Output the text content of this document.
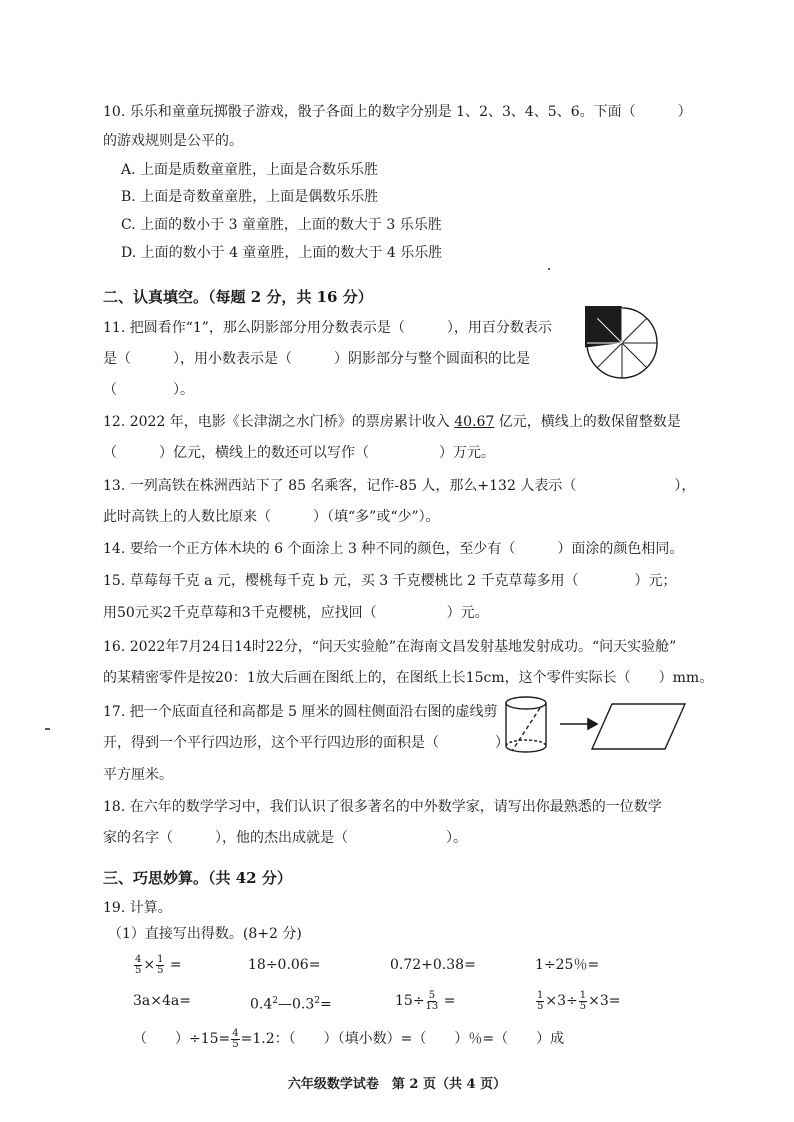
10. 乐乐和童童玩掷骰子游戏，骰子各面上的数字分别是 1、2、3、4、5、6。下面（　　　）
的游戏规则是公平的。
A. 上面是质数童童胜，上面是合数乐乐胜
B. 上面是奇数童童胜，上面是偶数乐乐胜
C. 上面的数小于 3 童童胜，上面的数大于 3 乐乐胜
D. 上面的数小于 4 童童胜，上面的数大于 4 乐乐胜
二、认真填空。（每题 2 分，共 16 分）
11. 把圆看作“1”，那么阴影部分用分数表示是（　　　），用百分数表示
是（　　　），用小数表示是（　　　）阴影部分与整个圆面积的比是
（　　　　）。
12. 2022 年，电影《长津湖之水门桥》的票房累计收入 40.67 亿元，横线上的数保留整数是
（　　　）亿元，横线上的数还可以写作（　　　　　）万元。
13. 一列高铁在株洲西站下了 85 名乘客，记作-85 人，那么+132 人表示（　　　　　　　），
此时高铁上的人数比原来（　　　）（填“多”或“少”）。
14. 要给一个正方体木块的 6 个面涂上 3 种不同的颜色，至少有（　　　）面涂的颜色相同。
15. 草莓每千克 a 元，樱桃每千克 b 元，买 3 千克樱桃比 2 千克草莓多用（　　　　）元；
用50元买2千克草莓和3千克樱桃，应找回（　　　　　）元。
16. 2022年7月24日14时22分，“问天实验舱”在海南文昌发射基地发射成功。“问天实验舱”
的某精密零件是按20：1放大后画在图纸上的，在图纸上长15cm，这个零件实际长（　　）mm。
17. 把一个底面直径和高都是 5 厘米的圆柱侧面沿右图的虚线剪
开，得到一个平行四边形，这个平行四边形的面积是（　　　　）
平方厘米。
18. 在六年的数学学习中，我们认识了很多著名的中外数学家，请写出你最熟悉的一位数学
家的名字（　　　），他的杰出成就是（　　　　　　　）。
三、巧思妙算。（共 42 分）
19. 计算。
（1）直接写出得数。(8+2 分)
$\frac{4}{5} \times \frac{1}{5}$ =	18÷0.06=	0.72+0.38=	1÷25％=
3a×4a=	$0.4^2—0.3^2=$	$15\div \frac{5}{13}$ =	$\frac{1}{5} \times 3\div \frac{1}{5} \times 3=$
（　　）$\div 15= \frac{4}{5} =1.2$：（　　）（填小数）=（　　）％=（　　）成
六年级数学试卷　第 2 页（共 4 页）
